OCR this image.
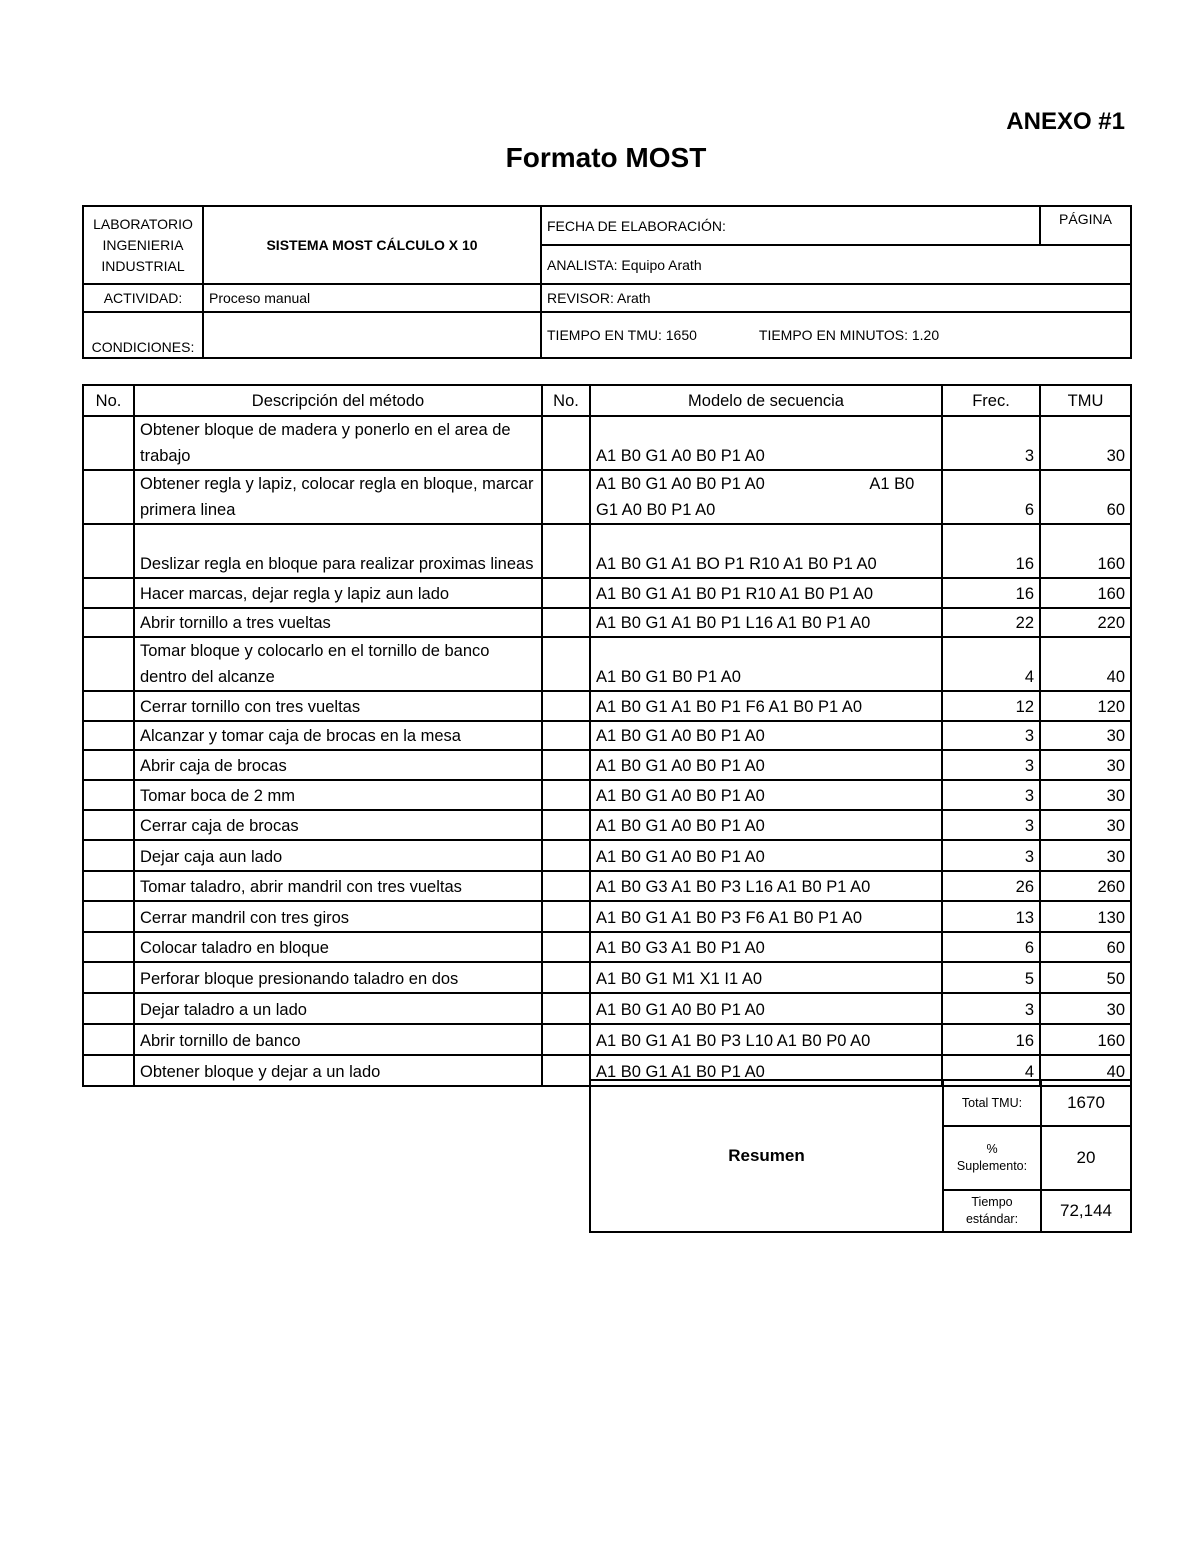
ANEXO #1
Formato MOST
LABORATORIO
INGENIERIA
INDUSTRIAL	SISTEMA MOST CÁLCULO X 10	FECHA DE ELABORACIÓN:	PÁGINA
		ANALISTA: Equipo Arath	
ACTIVIDAD:	Proceso manual	REVISOR: Arath	
CONDICIONES:		TIEMPO EN TMU: 1650 TIEMPO EN MINUTOS: 1.20	
No.	Descripción del método	No.	Modelo de secuencia	Frec.	TMU
	Obtener bloque de madera y ponerlo en el area de trabajo		A1 B0 G1 A0 B0 P1 A0	3	30
	Obtener regla y lapiz, colocar regla en bloque, marcar primera linea		A1 B0 G1 A0 B0 P1 A0                       A1 B0 G1 A0 B0 P1 A0	6	60
	Deslizar regla en bloque para realizar proximas lineas		A1 B0 G1 A1 BO P1 R10 A1 B0 P1 A0	16	160
	Hacer marcas, dejar regla y lapiz aun lado		A1 B0 G1 A1 B0 P1 R10 A1 B0 P1 A0	16	160
	Abrir tornillo a tres vueltas		A1 B0 G1 A1 B0 P1 L16 A1 B0 P1 A0	22	220
	Tomar bloque y colocarlo en el tornillo de banco dentro del alcanze		A1 B0 G1 B0 P1 A0	4	40
	Cerrar tornillo con tres vueltas		A1 B0 G1 A1 B0 P1 F6 A1 B0 P1 A0	12	120
	Alcanzar y tomar caja de brocas en la mesa		A1 B0 G1 A0 B0 P1 A0	3	30
	Abrir caja de brocas		A1 B0 G1 A0 B0 P1 A0	3	30
	Tomar boca de 2 mm		A1 B0 G1 A0 B0 P1 A0	3	30
	Cerrar caja de brocas		A1 B0 G1 A0 B0 P1 A0	3	30
	Dejar caja aun lado		A1 B0 G1 A0 B0 P1 A0	3	30
	Tomar taladro, abrir mandril con tres vueltas		A1 B0 G3 A1 B0 P3 L16 A1 B0 P1 A0	26	260
	Cerrar mandril con tres giros		A1 B0 G1 A1 B0 P3 F6 A1 B0 P1 A0	13	130
	Colocar taladro en bloque		A1 B0 G3 A1 B0 P1 A0	6	60
	Perforar bloque presionando taladro en dos		A1 B0 G1 M1 X1 I1 A0	5	50
	Dejar taladro a un lado		A1 B0 G1 A0 B0 P1 A0	3	30
	Abrir tornillo de banco		A1 B0 G1 A1 B0 P3 L10 A1 B0 P0 A0	16	160
	Obtener bloque y dejar a un lado		A1 B0 G1 A1 B0 P1 A0	4	40
Resumen	Total TMU:	1670

	%
Suplemento:	20

	Tiempo
estándar:	72,144
